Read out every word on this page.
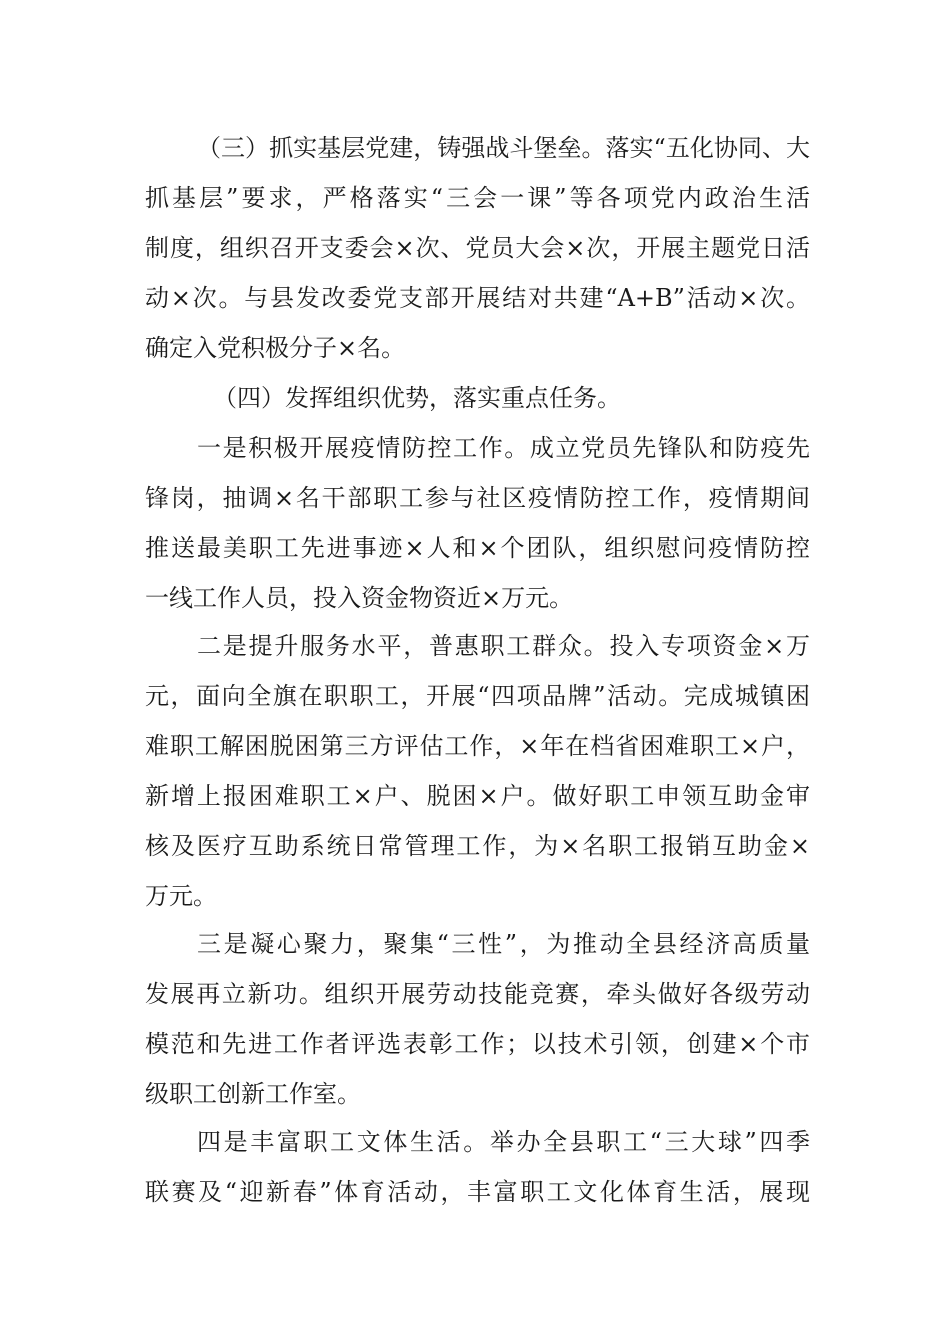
（三）抓实基层党建，铸强战斗堡垒。落实“五化协同、大
抓基层”要求，严格落实“三会一课”等各项党内政治生活
制度，组织召开支委会×次、党员大会×次，开展主题党日活
动×次。与县发改委党支部开展结对共建“A+B”活动×次。
确定入党积极分子×名。
（四）发挥组织优势，落实重点任务。
一是积极开展疫情防控工作。成立党员先锋队和防疫先
锋岗，抽调×名干部职工参与社区疫情防控工作，疫情期间
推送最美职工先进事迹×人和×个团队，组织慰问疫情防控
一线工作人员，投入资金物资近×万元。
二是提升服务水平，普惠职工群众。投入专项资金×万
元，面向全旗在职职工，开展“四项品牌”活动。完成城镇困
难职工解困脱困第三方评估工作，×年在档省困难职工×户，
新增上报困难职工×户、脱困×户。做好职工申领互助金审
核及医疗互助系统日常管理工作，为×名职工报销互助金×
万元。
三是凝心聚力，聚集“三性”，为推动全县经济高质量
发展再立新功。组织开展劳动技能竞赛，牵头做好各级劳动
模范和先进工作者评选表彰工作；以技术引领，创建×个市
级职工创新工作室。
四是丰富职工文体生活。举办全县职工“三大球”四季
联赛及“迎新春”体育活动，丰富职工文化体育生活，展现
